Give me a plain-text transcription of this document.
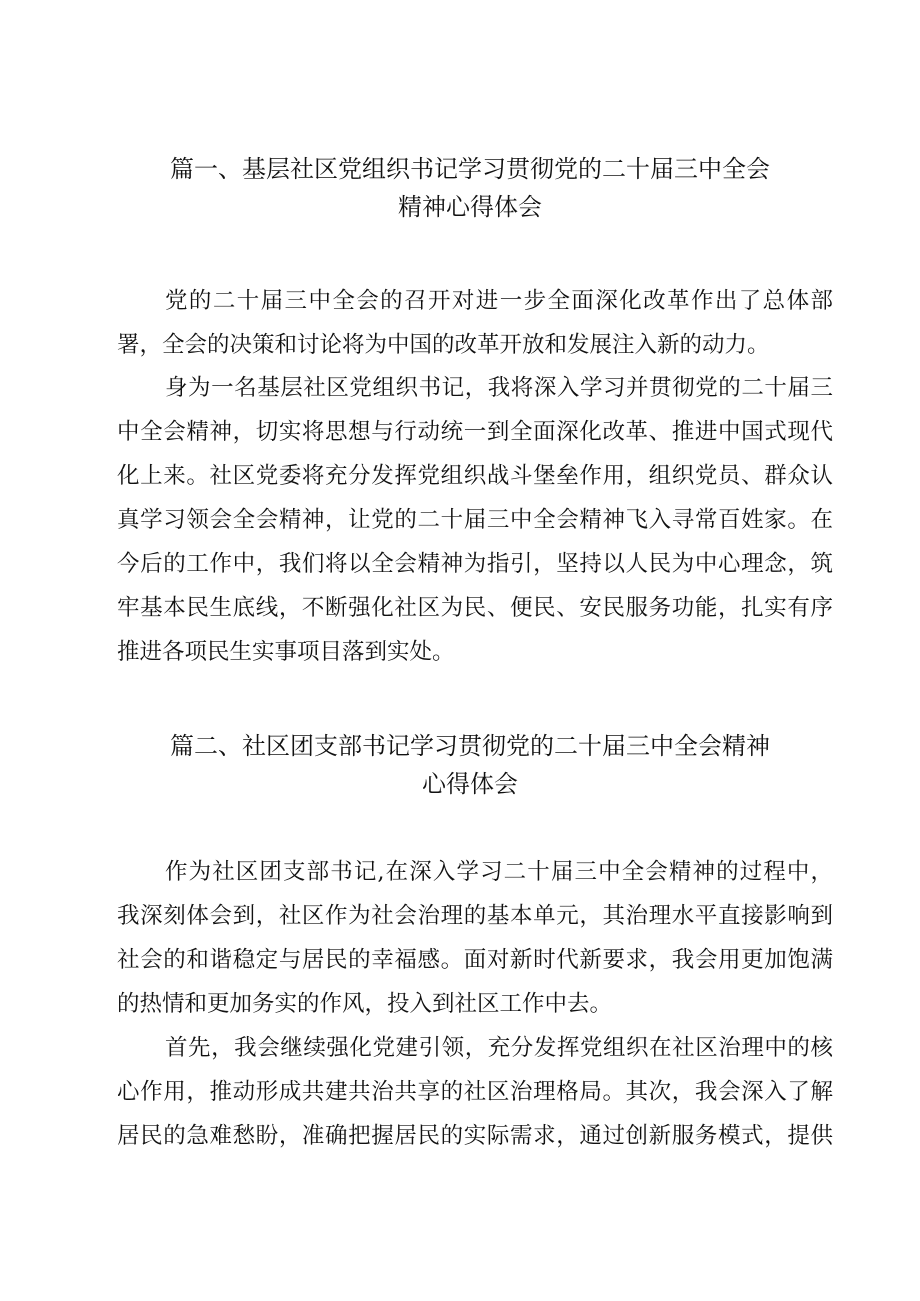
篇一、基层社区党组织书记学习贯彻党的二十届三中全会
精神心得体会

党的二十届三中全会的召开对进一步全面深化改革作出了总体部
署，全会的决策和讨论将为中国的改革开放和发展注入新的动力。

身为一名基层社区党组织书记，我将深入学习并贯彻党的二十届三
中全会精神，切实将思想与行动统一到全面深化改革、推进中国式现代
化上来。社区党委将充分发挥党组织战斗堡垒作用，组织党员、群众认
真学习领会全会精神，让党的二十届三中全会精神飞入寻常百姓家。在
今后的工作中，我们将以全会精神为指引，坚持以人民为中心理念，筑
牢基本民生底线，不断强化社区为民、便民、安民服务功能，扎实有序
推进各项民生实事项目落到实处。

篇二、社区团支部书记学习贯彻党的二十届三中全会精神
心得体会

作为社区团支部书记,在深入学习二十届三中全会精神的过程中，
我深刻体会到，社区作为社会治理的基本单元，其治理水平直接影响到
社会的和谐稳定与居民的幸福感。面对新时代新要求，我会用更加饱满
的热情和更加务实的作风，投入到社区工作中去。

首先，我会继续强化党建引领，充分发挥党组织在社区治理中的核
心作用，推动形成共建共治共享的社区治理格局。其次，我会深入了解
居民的急难愁盼，准确把握居民的实际需求，通过创新服务模式，提供
